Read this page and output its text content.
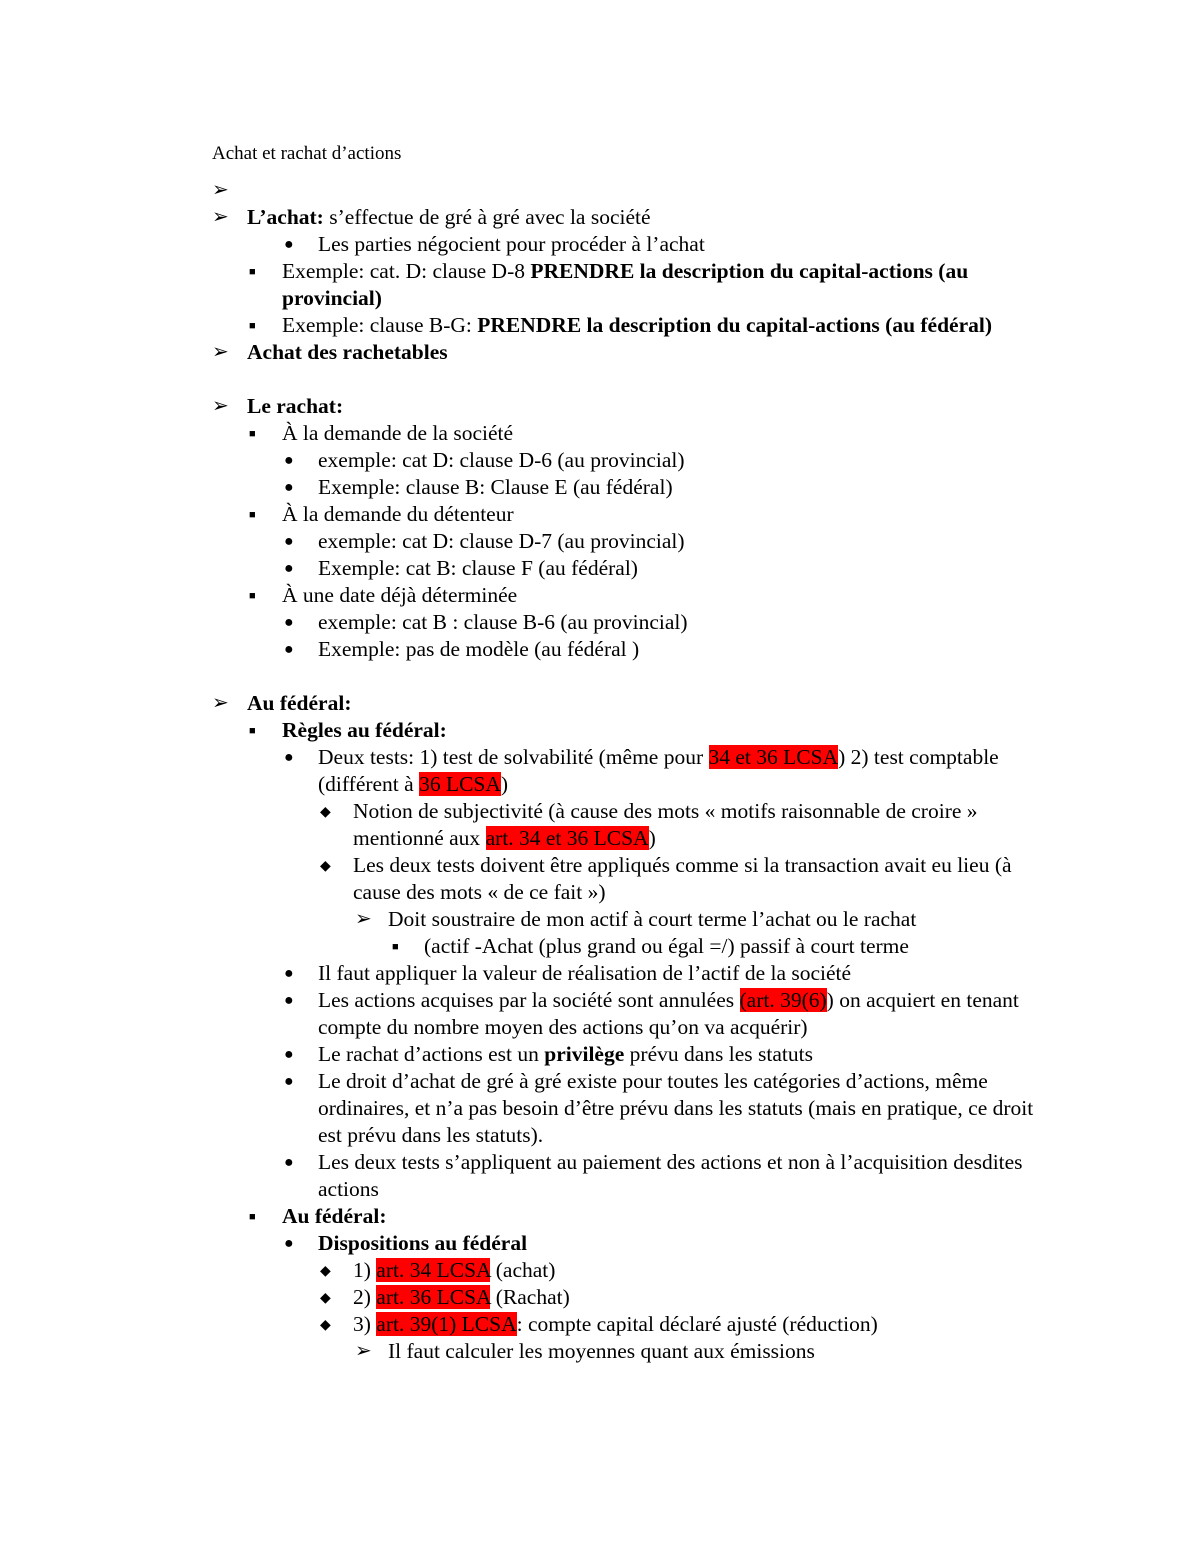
Achat et rachat d’actions
➢

➢ L’achat: s’effectue de gré à gré avec la société
●	Les parties négocient pour procéder à l’achat
■	Exemple: cat. D: clause D-8 PRENDRE la description du capital-actions (au provincial)
■	Exemple: clause B-G: PRENDRE la description du capital-actions (au fédéral)
➢ Achat des rachetables
➢ Le rachat:
■	À la demande de la société
●	exemple: cat D: clause D-6 (au provincial)
●	Exemple: clause B: Clause E (au fédéral)
■	À la demande du détenteur
●	exemple: cat D: clause D-7 (au provincial)
●	Exemple: cat B: clause F (au fédéral)
■	À une date déjà déterminée
●	exemple: cat B : clause B-6 (au provincial)
●	Exemple: pas de modèle (au fédéral )
➢ Au fédéral:
■	Règles au fédéral:
●	Deux tests: 1) test de solvabilité (même pour 34 et 36 LCSA) 2) test comptable (différent à 36 LCSA)
◆	Notion de subjectivité (à cause des mots « motifs raisonnable de croire » mentionné aux art. 34 et 36 LCSA)
◆	Les deux tests doivent être appliqués comme si la transaction avait eu lieu (à cause des mots « de ce fait »)
➢ Doit soustraire de mon actif à court terme l’achat ou le rachat
■	(actif -Achat (plus grand ou égal =/) passif à court terme
●	Il faut appliquer la valeur de réalisation de l’actif de la société
●	Les actions acquises par la société sont annulées (art. 39(6)) on acquiert en tenant compte du nombre moyen des actions qu’on va acquérir)
●	Le rachat d’actions est un privilège prévu dans les statuts
●	Le droit d’achat de gré à gré existe pour toutes les catégories d’actions, même ordinaires, et n’a pas besoin d’être prévu dans les statuts (mais en pratique, ce droit est prévu dans les statuts).
●	Les deux tests s’appliquent au paiement des actions et non à l’acquisition desdites actions
■	Au fédéral:
●	Dispositions au fédéral
◆	1) art. 34 LCSA (achat)
◆	2) art. 36 LCSA (Rachat)
◆	3) art. 39(1) LCSA: compte capital déclaré ajusté (réduction)
➢ Il faut calculer les moyennes quant aux émissions
